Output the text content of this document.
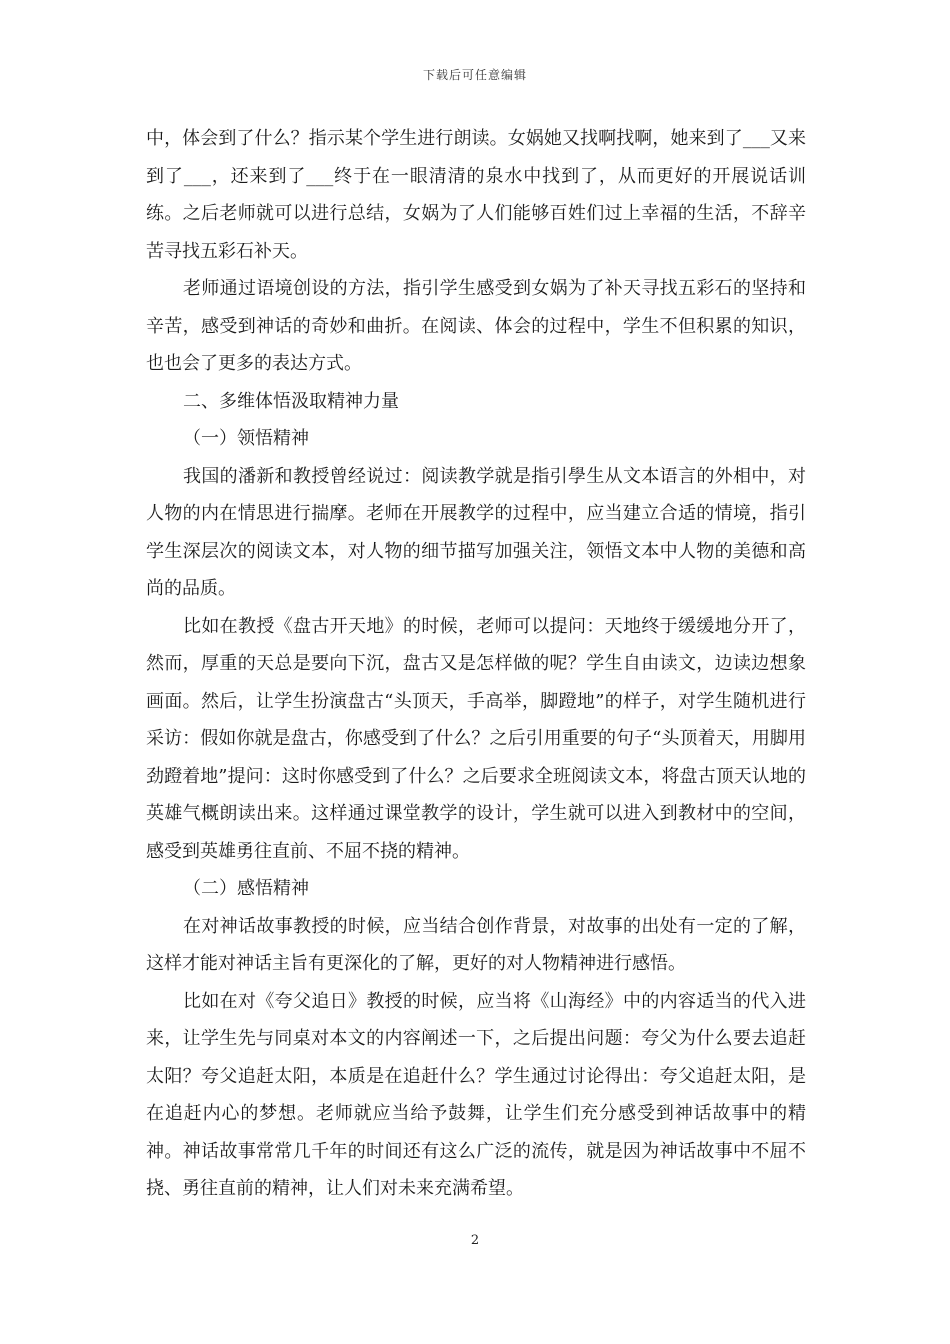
下载后可任意编辑

中，体会到了什么？指示某个学生进行朗读。女娲她又找啊找啊，她来到了___又来到了___，还来到了___终于在一眼清清的泉水中找到了，从而更好的开展说话训练。之后老师就可以进行总结，女娲为了人们能够百姓们过上幸福的生活，不辞辛苦寻找五彩石补天。

老师通过语境创设的方法，指引学生感受到女娲为了补天寻找五彩石的坚持和辛苦，感受到神话的奇妙和曲折。在阅读、体会的过程中，学生不但积累的知识，也也会了更多的表达方式。

二、多维体悟汲取精神力量

（一）领悟精神

我国的潘新和教授曾经说过：阅读教学就是指引學生从文本语言的外相中，对人物的内在情思进行揣摩。老师在开展教学的过程中，应当建立合适的情境，指引学生深层次的阅读文本，对人物的细节描写加强关注，领悟文本中人物的美德和高尚的品质。

比如在教授《盘古开天地》的时候，老师可以提问：天地终于缓缓地分开了，然而，厚重的天总是要向下沉，盘古又是怎样做的呢？学生自由读文，边读边想象画面。然后，让学生扮演盘古“头顶天，手高举，脚蹬地”的样子，对学生随机进行采访：假如你就是盘古，你感受到了什么？之后引用重要的句子“头顶着天，用脚用劲蹬着地”提问：这时你感受到了什么？之后要求全班阅读文本，将盘古顶天认地的英雄气概朗读出来。这样通过课堂教学的设计，学生就可以进入到教材中的空间，感受到英雄勇往直前、不屈不挠的精神。

（二）感悟精神

在对神话故事教授的时候，应当结合创作背景，对故事的出处有一定的了解，这样才能对神话主旨有更深化的了解，更好的对人物精神进行感悟。

比如在对《夸父追日》教授的时候，应当将《山海经》中的内容适当的代入进来，让学生先与同桌对本文的内容阐述一下，之后提出问题：夸父为什么要去追赶太阳？夸父追赶太阳，本质是在追赶什么？学生通过讨论得出：夸父追赶太阳，是在追赶内心的梦想。老师就应当给予鼓舞，让学生们充分感受到神话故事中的精神。神话故事常常几千年的时间还有这么广泛的流传，就是因为神话故事中不屈不挠、勇往直前的精神，让人们对未来充满希望。

2
